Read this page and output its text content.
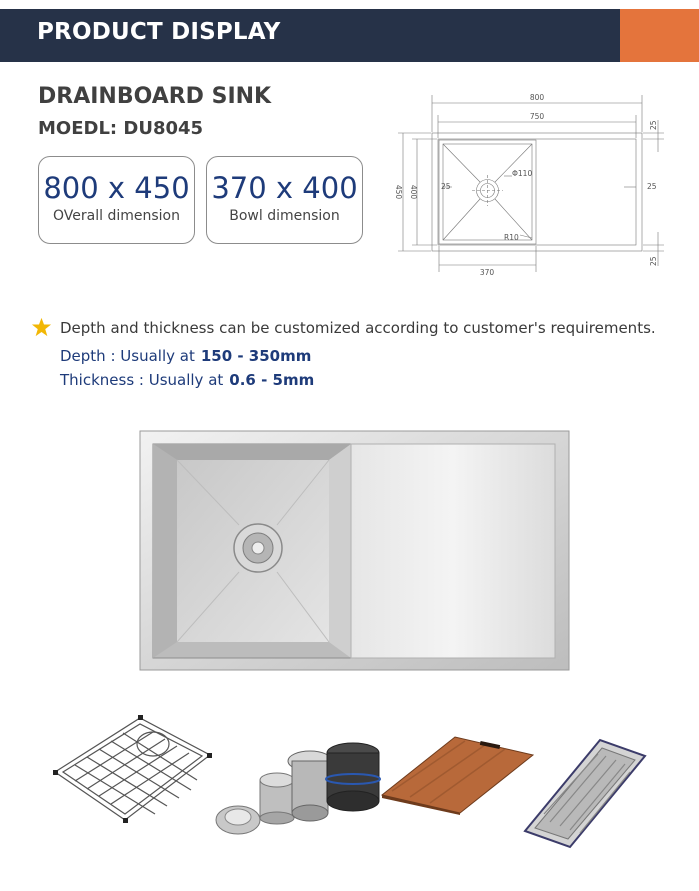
PRODUCT DISPLAY
DRAINBOARD SINK
MOEDL: DU8045
800 x 450
OVerall dimension
370 x 400
Bowl dimension
800
750
450 400
370
Φ110
R10
25	25
25
25
Depth and thickness can be customized according to customer's requirements.
Depth : Usually at 150 - 350mm
Thickness : Usually at 0.6 - 5mm
